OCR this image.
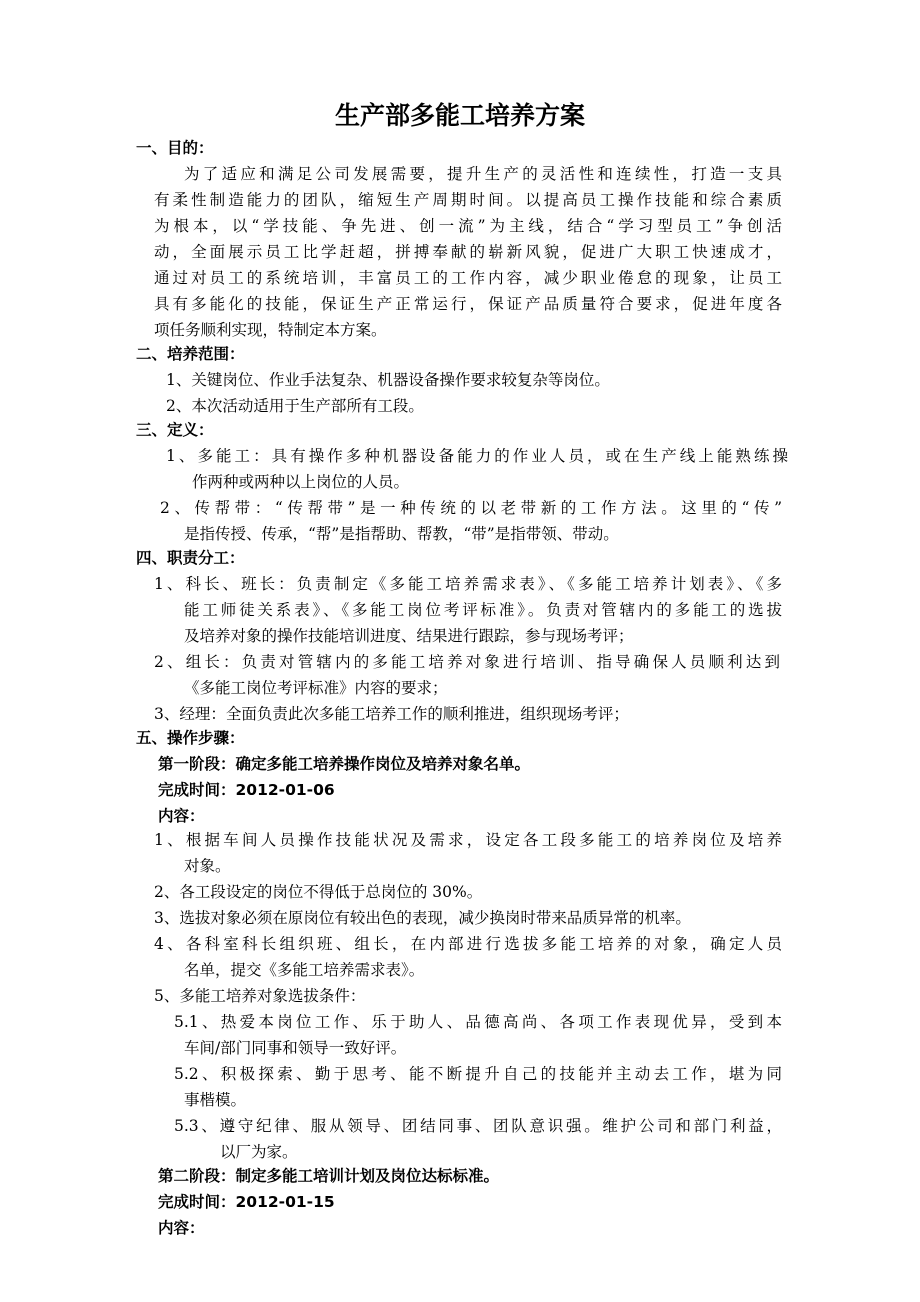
生产部多能工培养方案
一、目的：
为了适应和满足公司发展需要，提升生产的灵活性和连续性，打造一支具
有柔性制造能力的团队，缩短生产周期时间。以提高员工操作技能和综合素质
为根本，以“学技能、争先进、创一流”为主线，结合“学习型员工”争创活
动，全面展示员工比学赶超，拼搏奉献的崭新风貌，促进广大职工快速成才，
通过对员工的系统培训，丰富员工的工作内容，减少职业倦怠的现象，让员工
具有多能化的技能，保证生产正常运行，保证产品质量符合要求，促进年度各
项任务顺利实现，特制定本方案。
二、培养范围：
1、关键岗位、作业手法复杂、机器设备操作要求较复杂等岗位。
2、本次活动适用于生产部所有工段。
三、定义：
1、多能工：具有操作多种机器设备能力的作业人员，或在生产线上能熟练操
作两种或两种以上岗位的人员。
2、传帮带：“传帮带”是一种传统的以老带新的工作方法。这里的“传”
是指传授、传承，“帮”是指帮助、帮教，“带”是指带领、带动。
四、职责分工：
1、科长、班长：负责制定《多能工培养需求表》、《多能工培养计划表》、《多
能工师徒关系表》、《多能工岗位考评标准》。负责对管辖内的多能工的选拔
及培养对象的操作技能培训进度、结果进行跟踪，参与现场考评；
2、组长：负责对管辖内的多能工培养对象进行培训、指导确保人员顺利达到
《多能工岗位考评标准》内容的要求；
3、经理：全面负责此次多能工培养工作的顺利推进，组织现场考评；
五、操作步骤：
第一阶段：确定多能工培养操作岗位及培养对象名单。
完成时间：2012-01-06
内容：
1、根据车间人员操作技能状况及需求，设定各工段多能工的培养岗位及培养
对象。
2、各工段设定的岗位不得低于总岗位的 30%。
3、选拔对象必须在原岗位有较出色的表现，减少换岗时带来品质异常的机率。
4、各科室科长组织班、组长，在内部进行选拔多能工培养的对象，确定人员
名单，提交《多能工培养需求表》。
5、多能工培养对象选拔条件：
5.1、热爱本岗位工作、乐于助人、品德高尚、各项工作表现优异，受到本
车间/部门同事和领导一致好评。
5.2、积极探索、勤于思考、能不断提升自己的技能并主动去工作，堪为同
事楷模。
5.3、遵守纪律、服从领导、团结同事、团队意识强。维护公司和部门利益，
以厂为家。
第二阶段：制定多能工培训计划及岗位达标标准。
完成时间：2012-01-15
内容：
